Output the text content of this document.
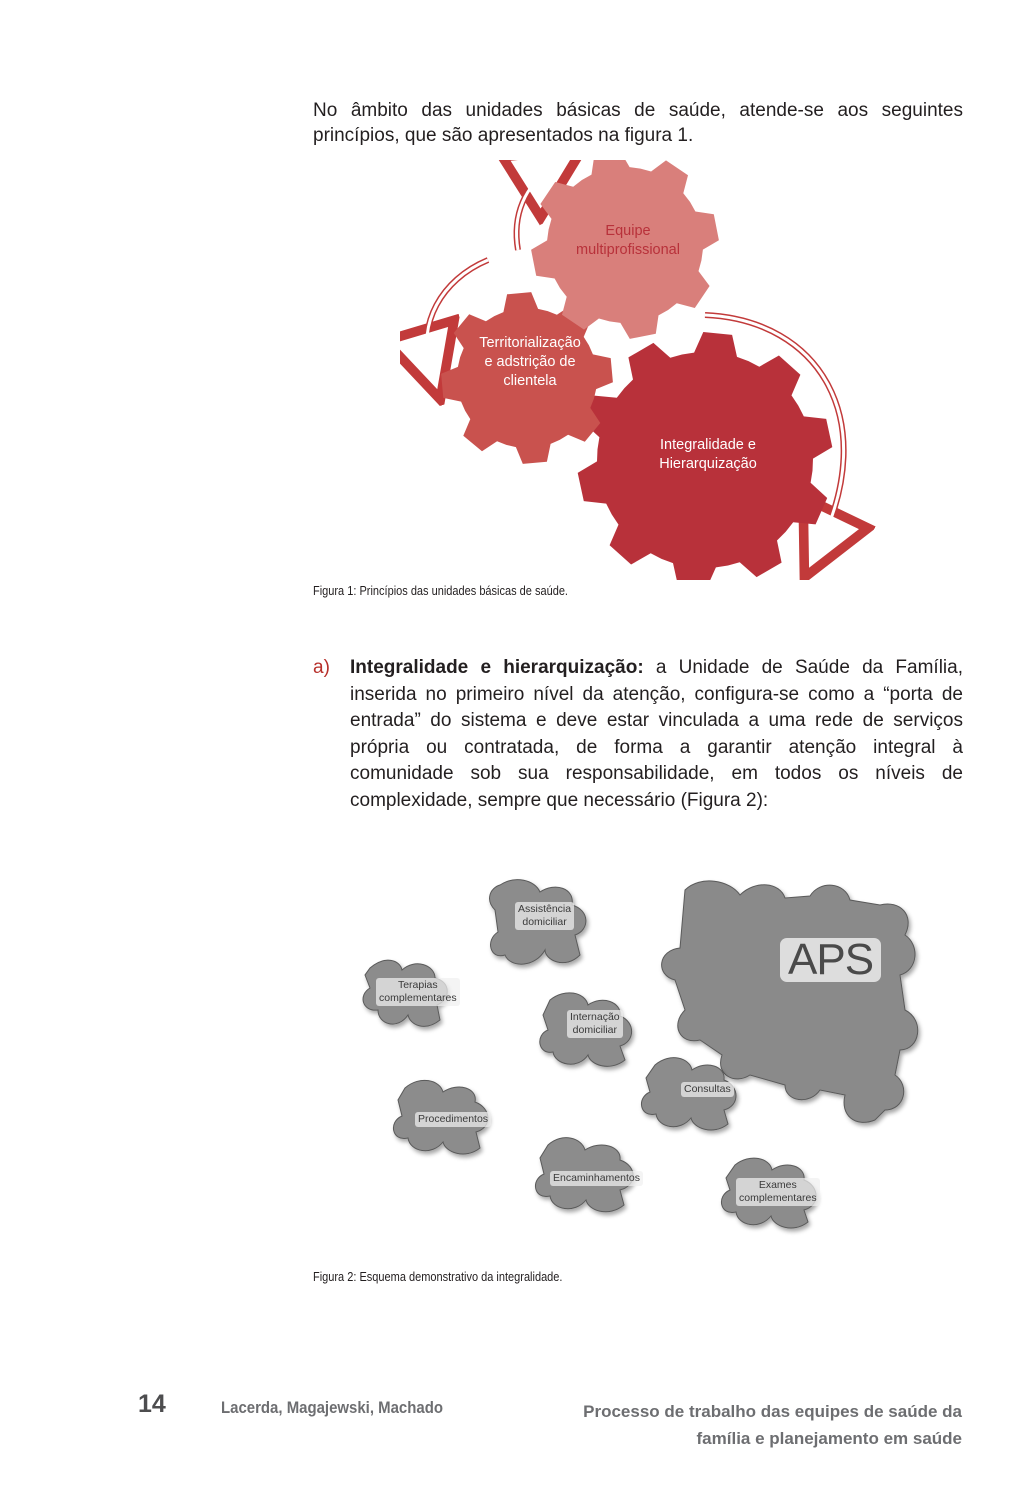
No âmbito das unidades básicas de saúde, atende-se aos seguintes princípios, que são apresentados na figura 1.

Equipe
multiprofissional
Territorialização
e adstrição de
clientela
Integralidade e
Hierarquização
Figura 1: Princípios das unidades básicas de saúde.
a) Integralidade e hierarquização: a Unidade de Saúde da Família, inserida no primeiro nível da atenção, configura-se como a “porta de entrada” do sistema e deve estar vinculada a uma rede de serviços própria ou contratada, de forma a garantir atenção integral à comunidade sob sua responsabilidade, em todos os níveis de complexidade, sempre que necessário (Figura 2):
APS
Assistência
domiciliar
Terapias
complementares
Internação
domiciliar
Consultas
Procedimentos
Encaminhamentos
Exames
complementares
Figura 2: Esquema demonstrativo da integralidade.
14	Lacerda, Magajewski, Machado	Processo de trabalho das equipes de saúde da
família e planejamento em saúde
